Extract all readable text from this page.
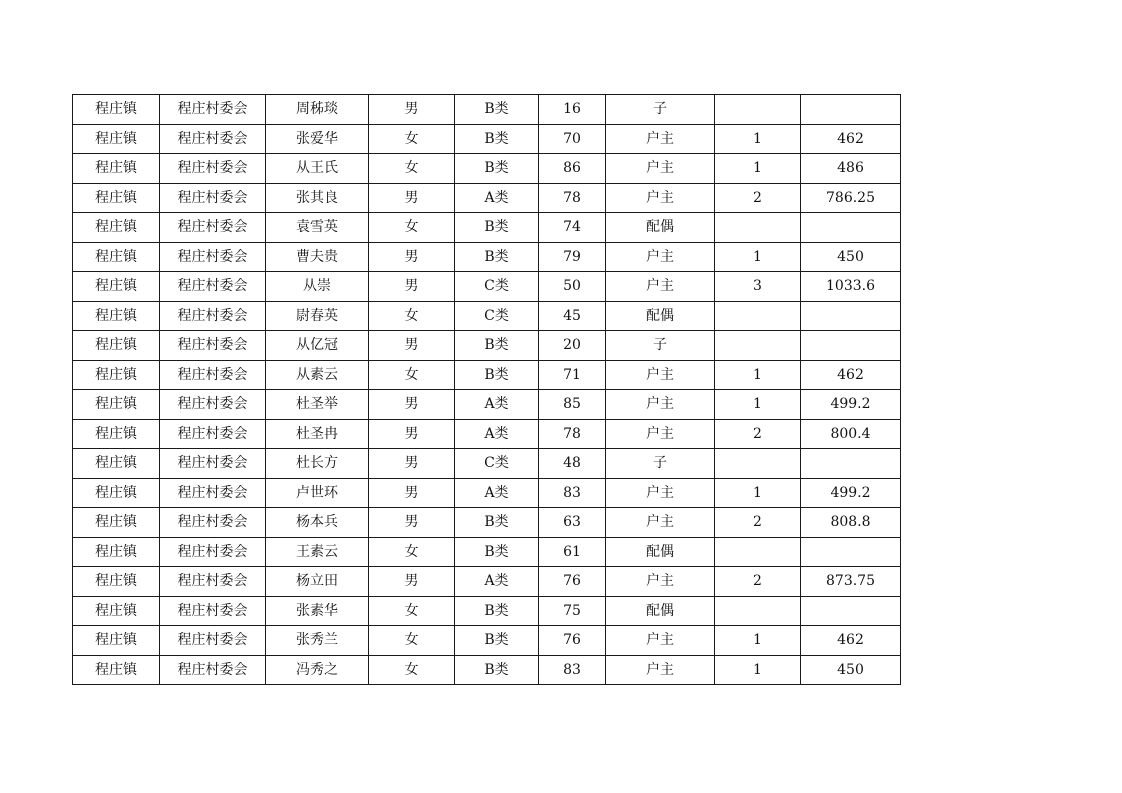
程庄镇	程庄村委会	周秭琰	男	B类	16	子		
程庄镇	程庄村委会	张爱华	女	B类	70	户主	1	462
程庄镇	程庄村委会	从王氏	女	B类	86	户主	1	486
程庄镇	程庄村委会	张其良	男	A类	78	户主	2	786.25
程庄镇	程庄村委会	袁雪英	女	B类	74	配偶		
程庄镇	程庄村委会	曹夫贵	男	B类	79	户主	1	450
程庄镇	程庄村委会	从崇	男	C类	50	户主	3	1033.6
程庄镇	程庄村委会	尉春英	女	C类	45	配偶		
程庄镇	程庄村委会	从亿冠	男	B类	20	子		
程庄镇	程庄村委会	从素云	女	B类	71	户主	1	462
程庄镇	程庄村委会	杜圣举	男	A类	85	户主	1	499.2
程庄镇	程庄村委会	杜圣冉	男	A类	78	户主	2	800.4
程庄镇	程庄村委会	杜长方	男	C类	48	子		
程庄镇	程庄村委会	卢世环	男	A类	83	户主	1	499.2
程庄镇	程庄村委会	杨本兵	男	B类	63	户主	2	808.8
程庄镇	程庄村委会	王素云	女	B类	61	配偶		
程庄镇	程庄村委会	杨立田	男	A类	76	户主	2	873.75
程庄镇	程庄村委会	张素华	女	B类	75	配偶		
程庄镇	程庄村委会	张秀兰	女	B类	76	户主	1	462
程庄镇	程庄村委会	冯秀之	女	B类	83	户主	1	450
